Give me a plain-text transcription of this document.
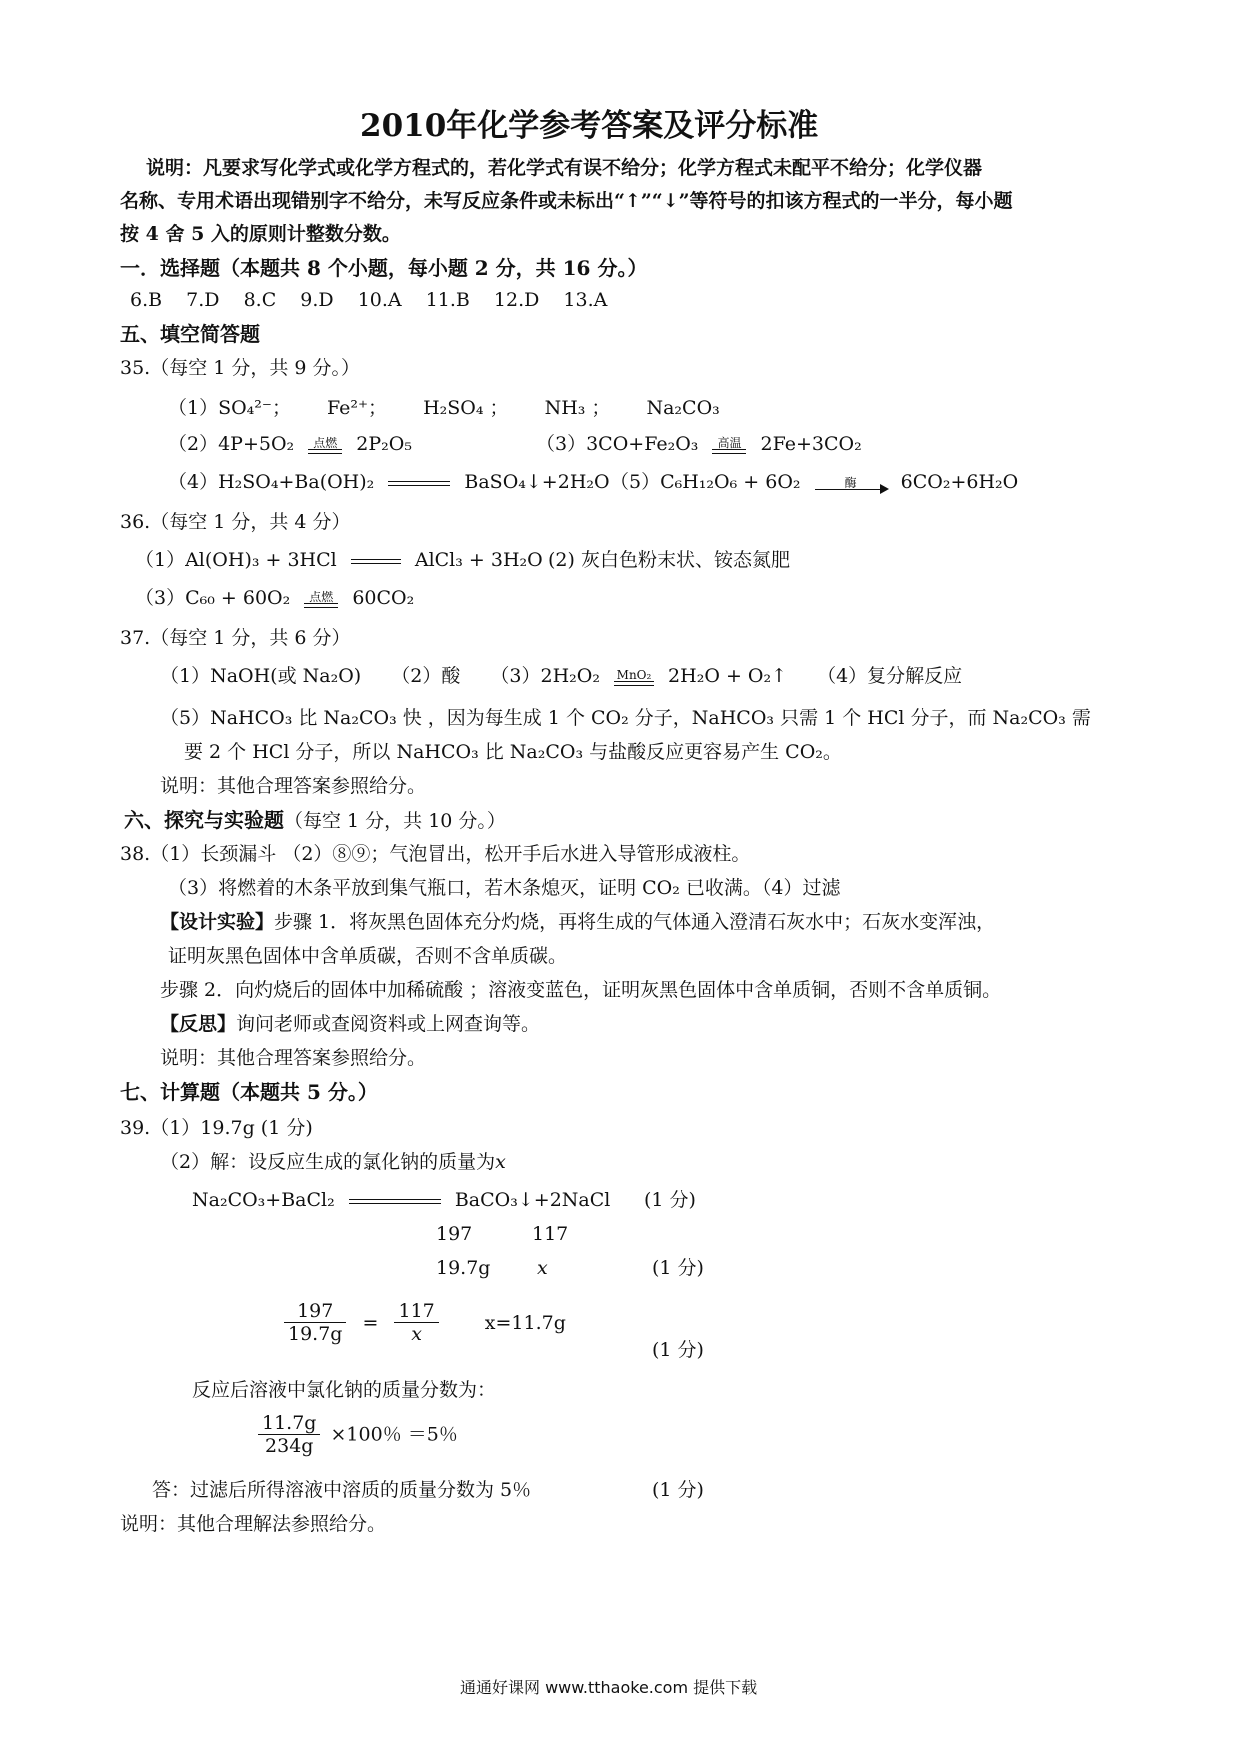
2010年化学参考答案及评分标准
说明：凡要求写化学式或化学方程式的，若化学式有误不给分；化学方程式未配平不给分；化学仪器
名称、专用术语出现错别字不给分，未写反应条件或未标出“↑”“↓”等符号的扣该方程式的一半分，每小题
按 4 舍 5 入的原则计整数分数。
一．选择题（本题共 8 个小题，每小题 2 分，共 16 分。）
6.B 7.D 8.C 9.D 10.A 11.B 12.D 13.A
五、填空简答题
35.（每空 1 分，共 9 分。）
（1）SO₄²⁻； Fe²⁺； H₂SO₄ ； NH₃ ； Na₂CO₃
（2）4P+5O₂	点燃 2P₂O₅	（3）3CO+Fe₂O₃	高温 2Fe+3CO₂
（4）H₂SO₄+Ba(OH)₂	BaSO₄↓+2H₂O （5）C₆H₁₂O₆ + 6O₂	酶	6CO₂+6H₂O
36.（每空 1 分，共 4 分）
（1）Al(OH)₃ + 3HCl	AlCl₃ + 3H₂O (2) 灰白色粉末状、铵态氮肥
（3）C₆₀ + 60O₂	点燃 60CO₂
37.（每空 1 分，共 6 分）
（1）NaOH(或 Na₂O) （2）酸 （3）2H₂O₂ MnO₂ 2H₂O + O₂↑ （4）复分解反应
（5）NaHCO₃ 比 Na₂CO₃ 快 ，因为每生成 1 个 CO₂ 分子，NaHCO₃ 只需 1 个 HCl 分子，而 Na₂CO₃ 需
要 2 个 HCl 分子，所以 NaHCO₃ 比 Na₂CO₃ 与盐酸反应更容易产生 CO₂。
说明：其他合理答案参照给分。
六、探究与实验题（每空 1 分，共 10 分。）
38.（1）长颈漏斗 （2）⑧⑨；气泡冒出，松开手后水进入导管形成液柱。
（3）将燃着的木条平放到集气瓶口，若木条熄灭，证明 CO₂ 已收满。（4）过滤
【设计实验】步骤 1．将灰黑色固体充分灼烧，再将生成的气体通入澄清石灰水中；石灰水变浑浊，
证明灰黑色固体中含单质碳，否则不含单质碳。
步骤 2．向灼烧后的固体中加稀硫酸 ；溶液变蓝色，证明灰黑色固体中含单质铜，否则不含单质铜。
【反思】询问老师或查阅资料或上网查询等。
说明：其他合理答案参照给分。
七、计算题（本题共 5 分。）
39.（1）19.7g (1 分)
（2）解：设反应生成的氯化钠的质量为x
Na₂CO₃+BaCl₂	BaCO₃↓+2NaCl (1 分)
197	117
19.7g x	(1 分)
$\frac{197}{19.7g} = \frac{117}{x} x=11.7g$
(1 分)
反应后溶液中氯化钠的质量分数为：
$\frac{11.7g}{234g} \times 100$％ ＝5％
答：过滤后所得溶液中溶质的质量分数为 5％	(1 分)
说明：其他合理解法参照给分。
通通好课网 www.tthaoke.com 提供下载
